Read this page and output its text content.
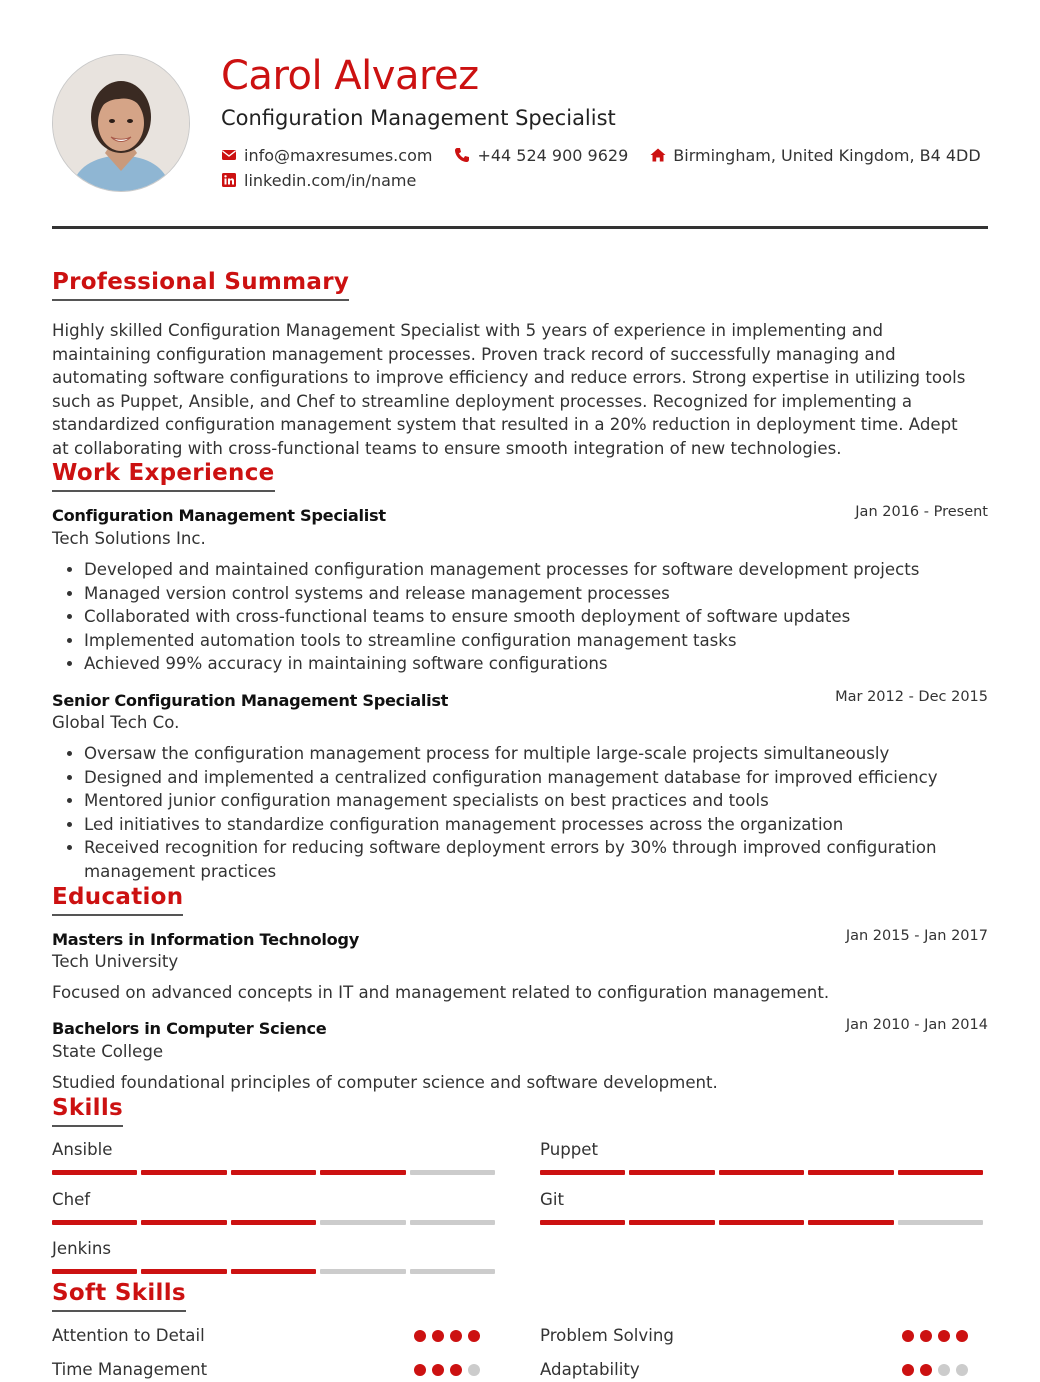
Carol Alvarez
Configuration Management Specialist
info@maxresumes.com	+44 524 900 9629	Birmingham, United Kingdom, B4 4DD
linkedin.com/in/name
Professional Summary
Highly skilled Configuration Management Specialist with 5 years of experience in implementing and maintaining configuration management processes. Proven track record of successfully managing and automating software configurations to improve efficiency and reduce errors. Strong expertise in utilizing tools such as Puppet, Ansible, and Chef to streamline deployment processes. Recognized for implementing a standardized configuration management system that resulted in a 20% reduction in deployment time. Adept at collaborating with cross-functional teams to ensure smooth integration of new technologies.
Work Experience
Configuration Management Specialist	Jan 2016 - Present
Tech Solutions Inc.
• Developed and maintained configuration management processes for software development projects
• Managed version control systems and release management processes
• Collaborated with cross-functional teams to ensure smooth deployment of software updates
• Implemented automation tools to streamline configuration management tasks
• Achieved 99% accuracy in maintaining software configurations
Senior Configuration Management Specialist	Mar 2012 - Dec 2015
Global Tech Co.
• Oversaw the configuration management process for multiple large-scale projects simultaneously
• Designed and implemented a centralized configuration management database for improved efficiency
• Mentored junior configuration management specialists on best practices and tools
• Led initiatives to standardize configuration management processes across the organization
• Received recognition for reducing software deployment errors by 30% through improved configuration management practices
Education
Masters in Information Technology	Jan 2015 - Jan 2017
Tech University
Focused on advanced concepts in IT and management related to configuration management.
Bachelors in Computer Science	Jan 2010 - Jan 2014
State College
Studied foundational principles of computer science and software development.
Skills
Ansible	Puppet
Chef	Git
Jenkins
Soft Skills
Attention to Detail	Problem Solving
Time Management	Adaptability
